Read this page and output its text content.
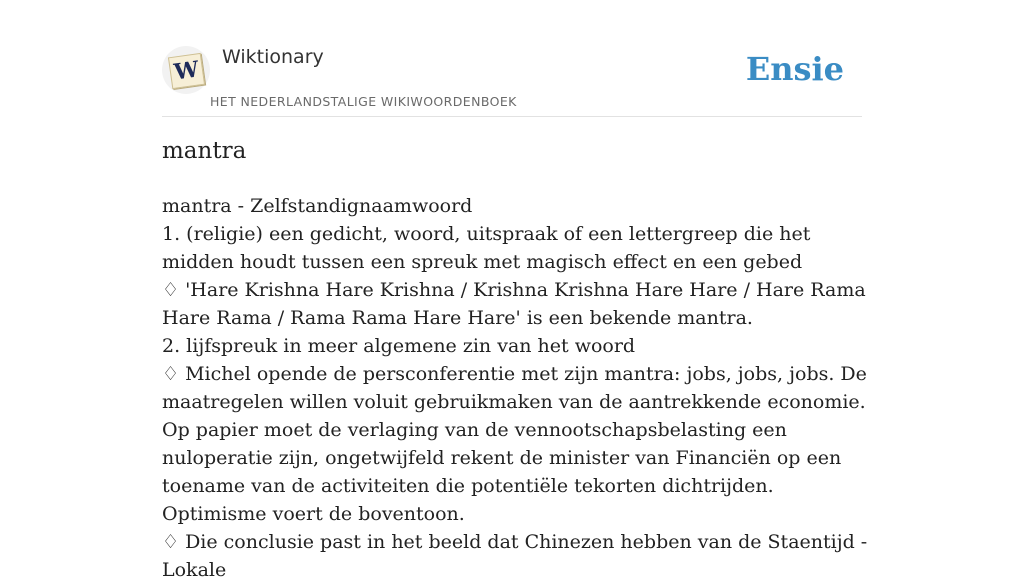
W Wiktionary
HET NEDERLANDSTALIGE WIKIWOORDENBOEK
Ensie
mantra
mantra - Zelfstandignaamwoord
1. (religie) een gedicht, woord, uitspraak of een lettergreep die het midden houdt tussen een spreuk met magisch effect en een gebed
♢ 'Hare Krishna Hare Krishna / Krishna Krishna Hare Hare / Hare Rama Hare Rama / Rama Rama Hare Hare' is een bekende mantra.
2. lijfspreuk in meer algemene zin van het woord
♢ Michel opende de persconferentie met zijn mantra: jobs, jobs, jobs. De maatregelen willen voluit gebruikmaken van de aantrekkende economie. Op papier moet de verlaging van de vennootschapsbelasting een nuloperatie zijn, ongetwijfeld rekent de minister van Financiën op een toename van de activiteiten die potentiële tekorten dichtrijden. Optimisme voert de boventoon.
♢ Die conclusie past in het beeld dat Chinezen hebben van de Staentijd - Lokale
